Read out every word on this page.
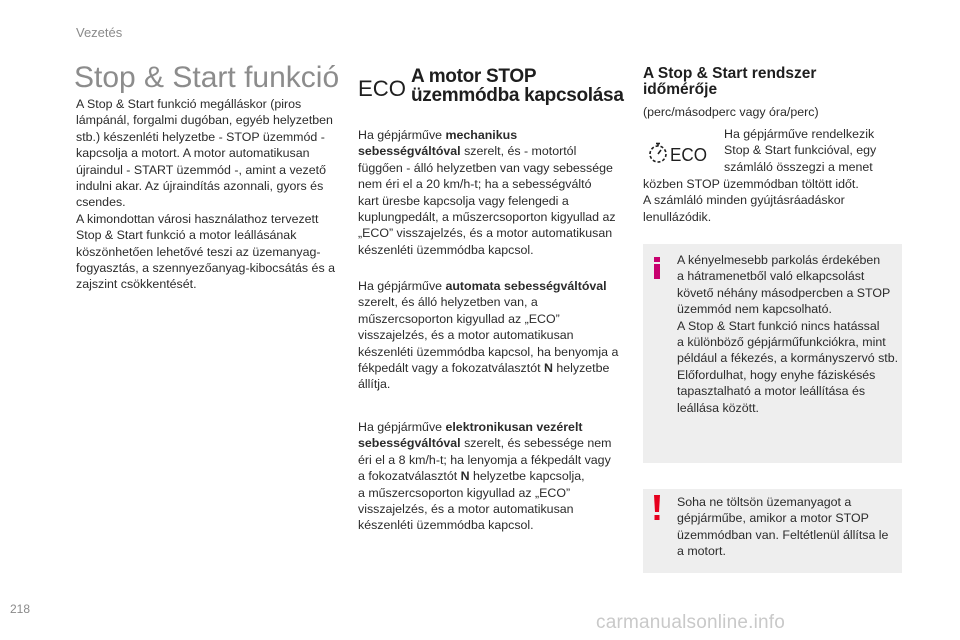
Vezetés
Stop & Start funkció

A Stop & Start funkció megálláskor (piros
lámpánál, forgalmi dugóban, egyéb helyzetben
stb.) készenléti helyzetbe - STOP üzemmód -
kapcsolja a motort. A motor automatikusan
újraindul - START üzemmód -, amint a vezető
indulni akar. Az újraindítás azonnali, gyors és
csendes.

A kimondottan városi használathoz tervezett
Stop & Start funkció a motor leállásának
köszönhetően lehetővé teszi az üzemanyag-
fogyasztás, a szennyezőanyag-kibocsátás és a
zajszint csökkentését.

ECO A motor STOP
üzemmódba kapcsolása

Ha gépjárműve mechanikus
sebességváltóval szerelt, és - motortól
függően - álló helyzetben van vagy sebessége
nem éri el a 20 km/h-t; ha a sebességváltó
kart üresbe kapcsolja vagy felengedi a
kuplungpedált, a műszercsoporton kigyullad az
„ECO” visszajelzés, és a motor automatikusan
készenléti üzemmódba kapcsol.

Ha gépjárműve automata sebességváltóval
szerelt, és álló helyzetben van, a
műszercsoporton kigyullad az „ECO”
visszajelzés, és a motor automatikusan
készenléti üzemmódba kapcsol, ha benyomja a
fékpedált vagy a fokozatválasztót N helyzetbe
állítja.

Ha gépjárműve elektronikusan vezérelt
sebességváltóval szerelt, és sebessége nem
éri el a 8 km/h-t; ha lenyomja a fékpedált vagy
a fokozatválasztót N helyzetbe kapcsolja,
a műszercsoporton kigyullad az „ECO”
visszajelzés, és a motor automatikusan
készenléti üzemmódba kapcsol.

A Stop & Start rendszer
időmérője
(perc/másodperc vagy óra/perc)
ECO

Ha gépjárműve rendelkezik
Stop & Start funkcióval, egy
számláló összegzi a menet

közben STOP üzemmódban töltött időt.
A számláló minden gyújtásráadáskor
lenullázódik.

A kényelmesebb parkolás érdekében
a hátramenetből való elkapcsolást
követő néhány másodpercben a STOP
üzemmód nem kapcsolható.
A Stop & Start funkció nincs hatással
a különböző gépjárműfunkciókra, mint
például a fékezés, a kormányszervó stb.
Előfordulhat, hogy enyhe fáziskésés
tapasztalható a motor leállítása és
leállása között.

Soha ne töltsön üzemanyagot a
gépjárműbe, amikor a motor STOP
üzemmódban van. Feltétlenül állítsa le
a motort.

218
carmanualsonline.info
